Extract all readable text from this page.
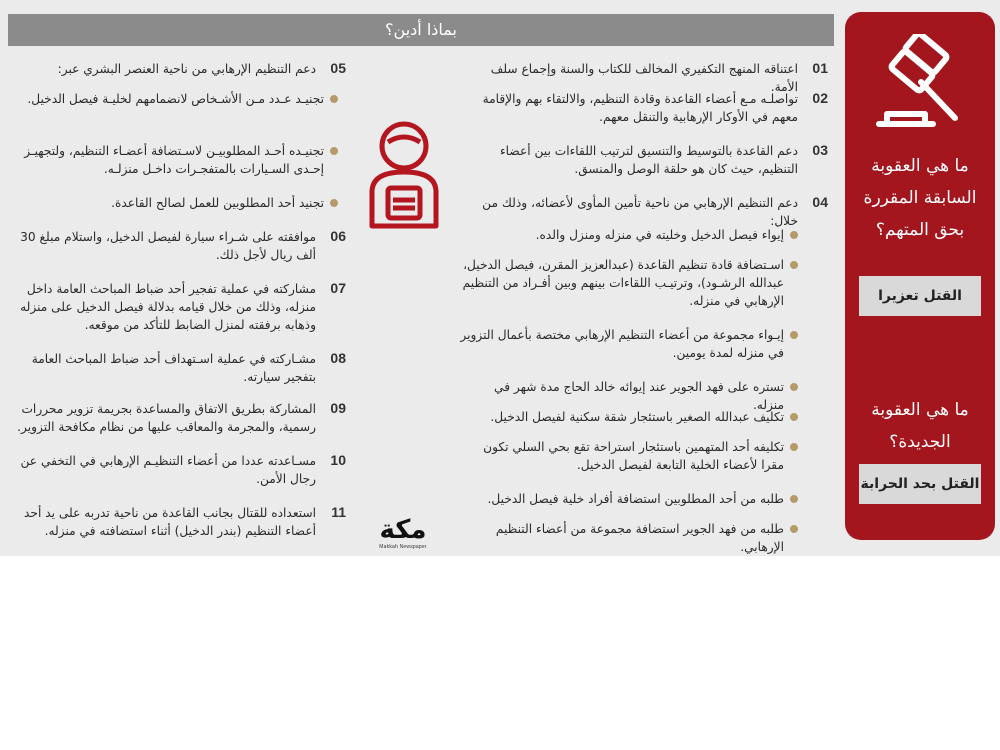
بماذا أدين؟
ما هي العقوبة السابقة المقررة بحق المتهم؟
القتل تعزيرا
ما هي العقوبة الجديدة؟
القتل بحد الحرابة
01
اعتناقه المنهج التكفيري المخالف للكتاب والسنة وإجماع سلف الأمة.
02
تواصلـه مـع أعضاء القاعدة وقادة التنظيم، والالتقاء بهم والإقامة معهم في الأوكار الإرهابية والتنقل معهم.
03
دعم القاعدة بالتوسيط والتنسيق لترتيب اللقاءات بين أعضاء التنظيم، حيث كان هو حلقة الوصل والمنسق.
04
دعم التنظيم الإرهابي من ناحية تأمين المأوى لأعضائه، وذلك من خلال:
إيواء فيصل الدخيل وخليته في منزله ومنزل والده.
اسـتضافة قادة تنظيم القاعدة (عبدالعزيز المقرن، فيصل الدخيل، عبدالله الرشـود)، وترتيـب اللقاءات بينهم وبين أفـراد من التنظيم الإرهابي في منزله.
إيـواء مجموعة من أعضاء التنظيم الإرهابي مختصة بأعمال التزوير في منزله لمدة يومين.
تستره على فهد الجوير عند إيوائه خالد الحاج مدة شهر في منزله.
تكليف عبدالله الصغير باستئجار شقة سكنية لفيصل الدخيل.
تكليفه أحد المتهمين باستئجار استراحة تقع بحي السلي تكون مقرا لأعضاء الخلية التابعة لفيصل الدخيل.
طلبه من أحد المطلوبين استضافة أفراد خلية فيصل الدخيل.
طلبه من فهد الجوير استضافة مجموعة من أعضاء التنظيم الإرهابي.
05
دعم التنظيم الإرهابي من ناحية العنصر البشري عبر:
تجنيـد عـدد مـن الأشـخاص لانضمامهم لخليـة فيصل الدخيل.
تجنيـده أحـد المطلوبيـن لاسـتضافة أعضـاء التنظيم، ولتجهيـز إحـدى السـيارات بالمتفجـرات داخـل منزلـه.
تجنيد أحد المطلوبين للعمل لصالح القاعدة.
06
موافقته على شـراء سيارة لفيصل الدخيل، واستلام مبلغ 30 ألف ريال لأجل ذلك.
07
مشاركته في عملية تفجير أحد ضباط المباحث العامة داخل منزله، وذلك من خلال قيامه بدلالة فيصل الدخيل على منزله وذهابه برفقته لمنزل الضابط للتأكد من موقعه.
08
مشـاركته في عملية اسـتهداف أحد ضباط المباحث العامة بتفجير سيارته.
09
المشاركة بطريق الاتفاق والمساعدة بجريمة تزوير محررات رسمية، والمجرمة والمعاقب عليها من نظام مكافحة التزوير.
10
مسـاعدته عددا من أعضاء التنظيـم الإرهابي في التخفي عن رجال الأمن.
11
استعداده للقتال بجانب القاعدة من ناحية تدربه على يد أحد أعضاء التنظيم (بندر الدخيل) أثناء استضافته في منزله.	مكة
Makkah Newspaper
